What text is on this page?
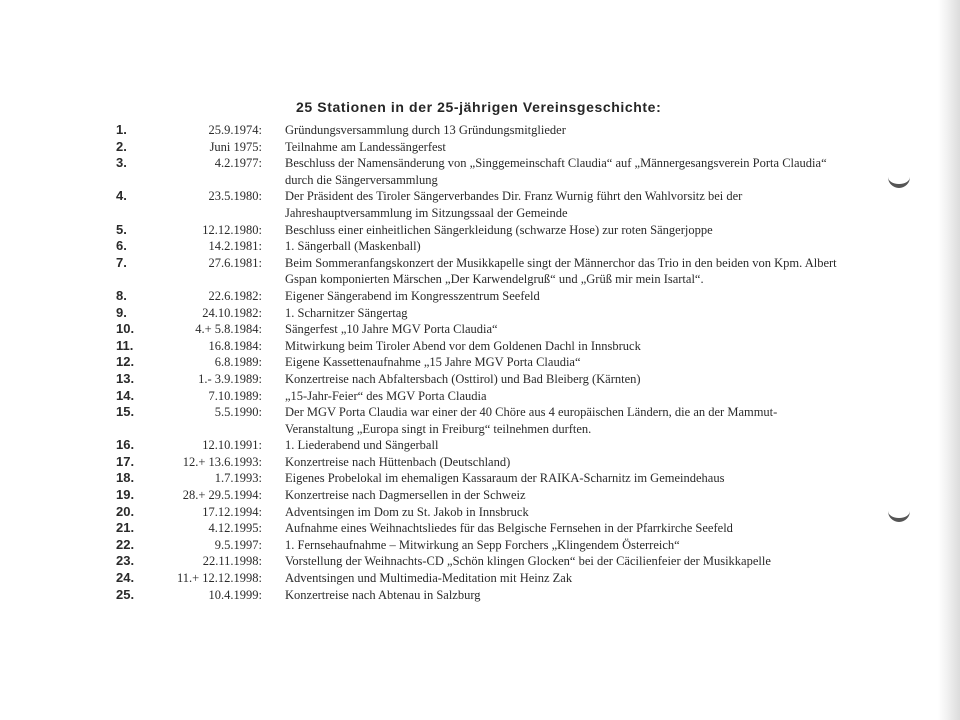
25 Stationen in der 25-jährigen Vereinsgeschichte:
1.	25.9.1974: Gründungsversammlung durch 13 Gründungsmitglieder
2.	Juni 1975: Teilnahme am Landessängerfest
3.	4.2.1977: Beschluss der Namensänderung von „Singgemeinschaft Claudia“ auf „Männergesangsverein Porta Claudia“ durch die Sängerversammlung
4.	23.5.1980: Der Präsident des Tiroler Sängerverbandes Dir. Franz Wurnig führt den Wahlvorsitz bei der Jahreshauptversammlung im Sitzungssaal der Gemeinde
5.	12.12.1980: Beschluss einer einheitlichen Sängerkleidung (schwarze Hose) zur roten Sängerjoppe
6.	14.2.1981: 1. Sängerball (Maskenball)
7.	27.6.1981: Beim Sommeranfangskonzert der Musikkapelle singt der Männerchor das Trio in den beiden von Kpm. Albert Gspan komponierten Märschen „Der Karwendelgruß“ und „Grüß mir mein Isartal“.
8.	22.6.1982: Eigener Sängerabend im Kongresszentrum Seefeld
9.	24.10.1982: 1. Scharnitzer Sängertag
10.	4.+ 5.8.1984: Sängerfest „10 Jahre MGV Porta Claudia“
11.	16.8.1984: Mitwirkung beim Tiroler Abend vor dem Goldenen Dachl in Innsbruck
12.	6.8.1989: Eigene Kassettenaufnahme „15 Jahre MGV Porta Claudia“
13.	1.- 3.9.1989: Konzertreise nach Abfaltersbach (Osttirol) und Bad Bleiberg (Kärnten)
14.	7.10.1989: „15-Jahr-Feier“ des MGV Porta Claudia
15.	5.5.1990: Der MGV Porta Claudia war einer der 40 Chöre aus 4 europäischen Ländern, die an der Mammut-Veranstaltung „Europa singt in Freiburg“ teilnehmen durften.
16.	12.10.1991: 1. Liederabend und Sängerball
17.	12.+ 13.6.1993: Konzertreise nach Hüttenbach (Deutschland)
18.	1.7.1993: Eigenes Probelokal im ehemaligen Kassaraum der RAIKA-Scharnitz im Gemeindehaus
19.	28.+ 29.5.1994: Konzertreise nach Dagmersellen in der Schweiz
20.	17.12.1994: Adventsingen im Dom zu St. Jakob in Innsbruck
21.	4.12.1995: Aufnahme eines Weihnachtsliedes für das Belgische Fernsehen in der Pfarrkirche Seefeld
22.	9.5.1997: 1. Fernsehaufnahme – Mitwirkung an Sepp Forchers „Klingendem Österreich“
23.	22.11.1998: Vorstellung der Weihnachts-CD „Schön klingen Glocken“ bei der Cäcilienfeier der Musikkapelle
24.	11.+ 12.12.1998: Adventsingen und Multimedia-Meditation mit Heinz Zak
25.	10.4.1999: Konzertreise nach Abtenau in Salzburg
